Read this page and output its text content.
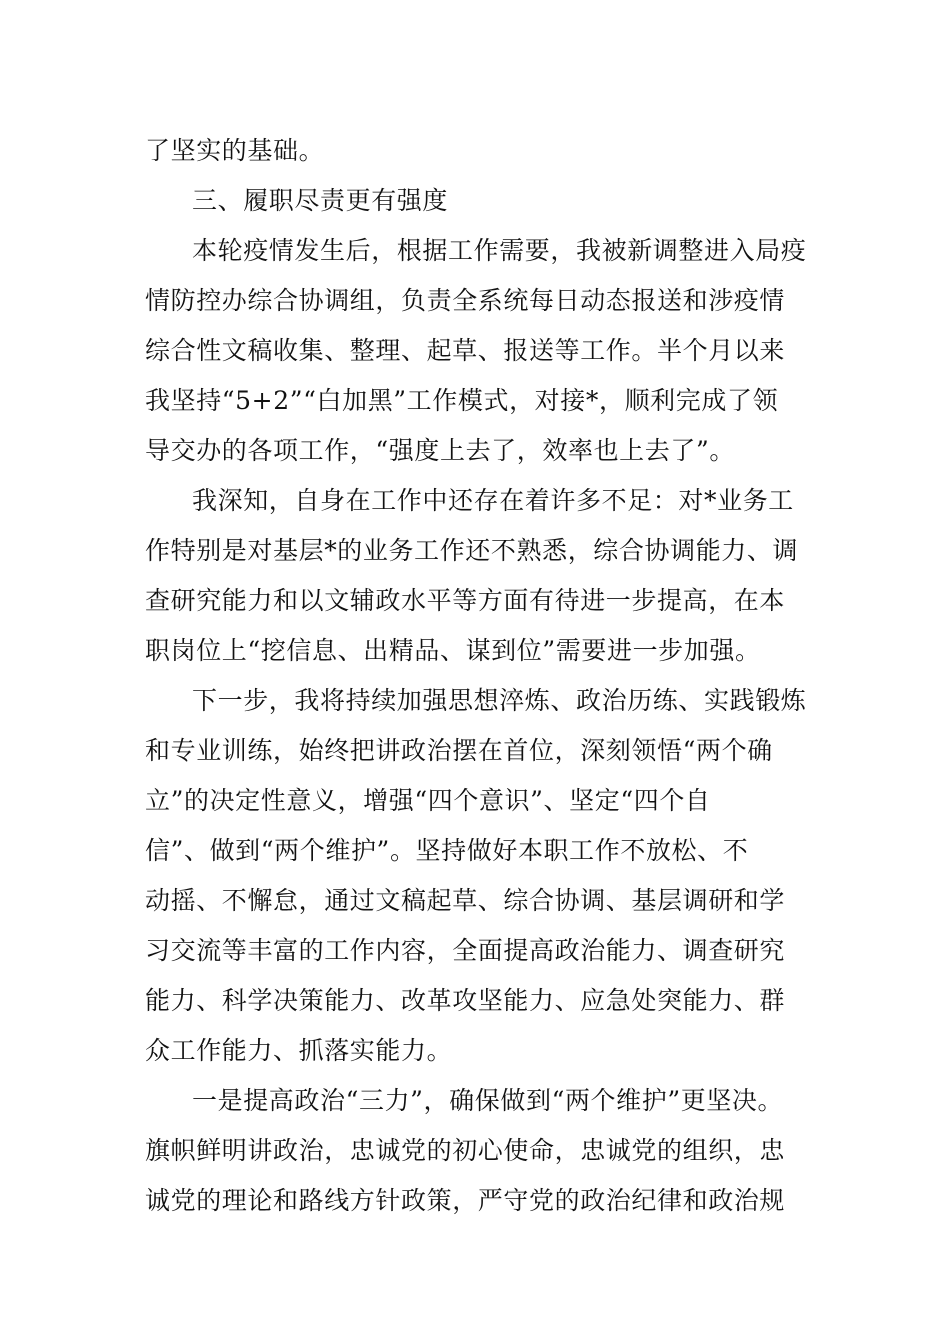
了坚实的基础。
三、履职尽责更有强度
本轮疫情发生后，根据工作需要，我被新调整进入局疫
情防控办综合协调组，负责全系统每日动态报送和涉疫情
综合性文稿收集、整理、起草、报送等工作。半个月以来
我坚持“5+2”“白加黑”工作模式，对接*，顺利完成了领
导交办的各项工作，“强度上去了，效率也上去了”。
我深知，自身在工作中还存在着许多不足：对*业务工
作特别是对基层*的业务工作还不熟悉，综合协调能力、调
查研究能力和以文辅政水平等方面有待进一步提高，在本
职岗位上“挖信息、出精品、谋到位”需要进一步加强。
下一步，我将持续加强思想淬炼、政治历练、实践锻炼
和专业训练，始终把讲政治摆在首位，深刻领悟“两个确
立”的决定性意义，增强“四个意识”、坚定“四个自
信”、做到“两个维护”。坚持做好本职工作不放松、不
动摇、不懈怠，通过文稿起草、综合协调、基层调研和学
习交流等丰富的工作内容，全面提高政治能力、调查研究
能力、科学决策能力、改革攻坚能力、应急处突能力、群
众工作能力、抓落实能力。
一是提高政治“三力”，确保做到“两个维护”更坚决。
旗帜鲜明讲政治，忠诚党的初心使命，忠诚党的组织，忠
诚党的理论和路线方针政策，严守党的政治纪律和政治规
